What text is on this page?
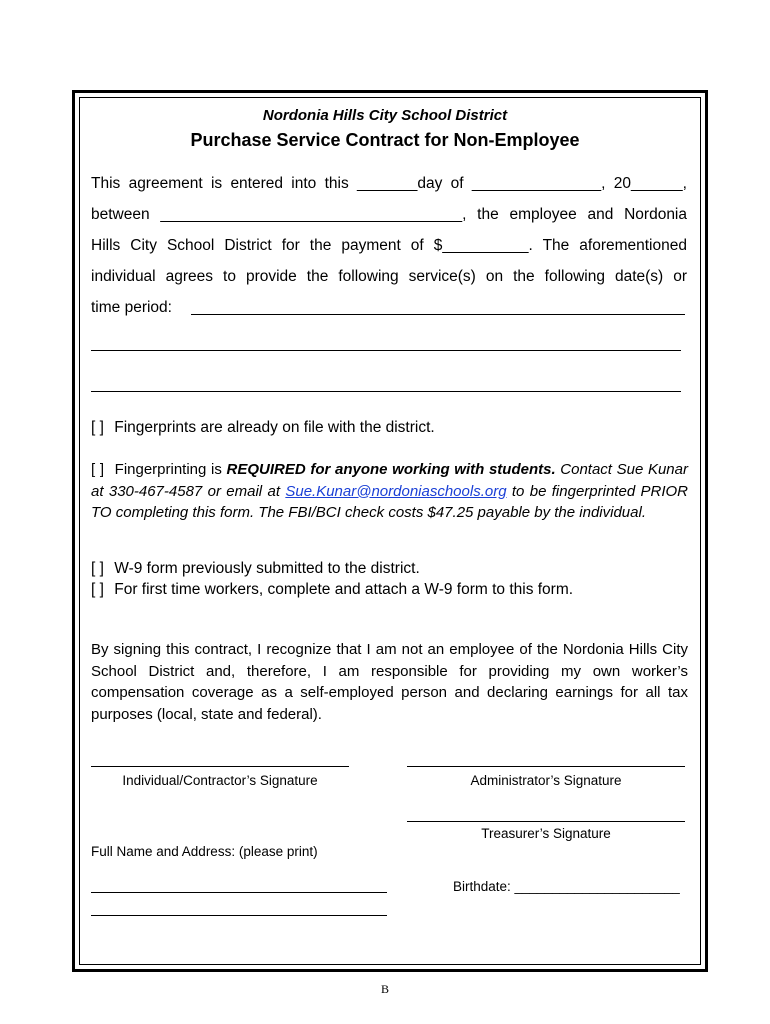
Nordonia Hills City School District
Purchase Service Contract for Non-Employee
This agreement is entered into this _______day of _______________, 20______,
between ___________________________________, the employee and Nordonia
Hills City School District for the payment of $__________. The aforementioned
individual agrees to provide the following service(s) on the following date(s) or
time period:
[ ] Fingerprints are already on file with the district.
[ ] Fingerprinting is REQUIRED for anyone working with students. Contact Sue Kunar at 330-467-4587 or email at Sue.Kunar@nordoniaschools.org to be fingerprinted PRIOR TO completing this form. The FBI/BCI check costs $47.25 payable by the individual.
[ ] W-9 form previously submitted to the district.
[ ] For first time workers, complete and attach a W-9 form to this form.
By signing this contract, I recognize that I am not an employee of the Nordonia Hills City School District and, therefore, I am responsible for providing my own worker’s compensation coverage as a self-employed person and declaring earnings for all tax purposes (local, state and federal).
Individual/Contractor’s Signature	Administrator’s Signature
Treasurer’s Signature
Full Name and Address: (please print)
Birthdate: ______________________
B
